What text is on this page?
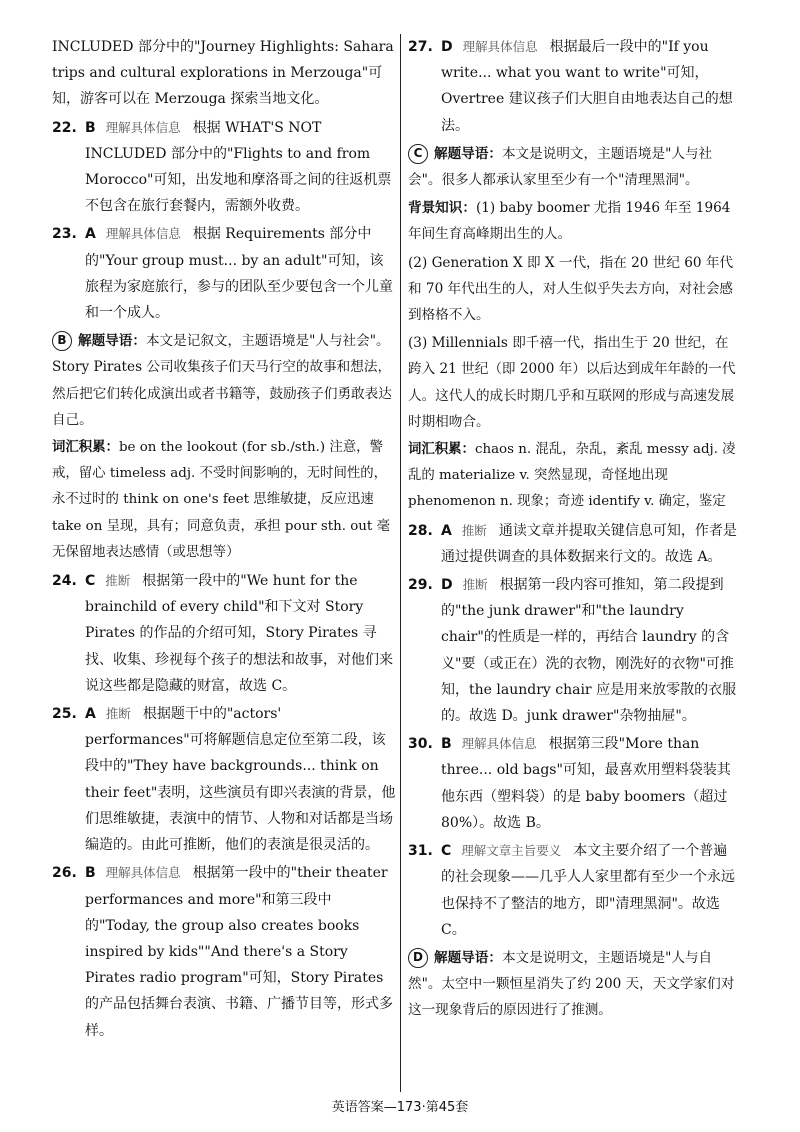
INCLUDED 部分中的"Journey Highlights: Sahara trips and cultural explorations in Merzouga"可知，游客可以在 Merzouga 探索当地文化。
22. B 理解具体信息 根据 WHAT'S NOT INCLUDED 部分中的"Flights to and from Morocco"可知，出发地和摩洛哥之间的往返机票不包含在旅行套餐内，需额外收费。
23. A 理解具体信息 根据 Requirements 部分中的"Your group must... by an adult"可知，该旅程为家庭旅行，参与的团队至少要包含一个儿童和一个成人。
B 解题导语：本文是记叙文，主题语境是"人与社会"。Story Pirates 公司收集孩子们天马行空的故事和想法，然后把它们转化成演出或者书籍等，鼓励孩子们勇敢表达自己。
词汇积累：be on the lookout (for sb./sth.) 注意，警戒，留心 timeless adj. 不受时间影响的，无时间性的，永不过时的 think on one's feet 思维敏捷，反应迅速 take on 呈现，具有；同意负责，承担 pour sth. out 毫无保留地表达感情（或思想等）
24. C 推断 根据第一段中的"We hunt for the brainchild of every child"和下文对 Story Pirates 的作品的介绍可知，Story Pirates 寻找、收集、珍视每个孩子的想法和故事，对他们来说这些都是隐藏的财富，故选 C。
25. A 推断 根据题干中的"actors' performances"可将解题信息定位至第二段，该段中的"They have backgrounds... think on their feet"表明，这些演员有即兴表演的背景，他们思维敏捷，表演中的情节、人物和对话都是当场编造的。由此可推断，他们的表演是很灵活的。
26. B 理解具体信息 根据第一段中的"their theater performances and more"和第三段中的"Today, the group also creates books inspired by kids""And there's a Story Pirates radio program"可知，Story Pirates 的产品包括舞台表演、书籍、广播节目等，形式多样。
27. D 理解具体信息 根据最后一段中的"If you write... what you want to write"可知，Overtree 建议孩子们大胆自由地表达自己的想法。
C 解题导语：本文是说明文，主题语境是"人与社会"。很多人都承认家里至少有一个"清理黑洞"。
背景知识：(1) baby boomer 尤指 1946 年至 1964 年间生育高峰期出生的人。
(2) Generation X 即 X 一代，指在 20 世纪 60 年代和 70 年代出生的人，对人生似乎失去方向，对社会感到格格不入。
(3) Millennials 即千禧一代，指出生于 20 世纪，在跨入 21 世纪（即 2000 年）以后达到成年年龄的一代人。这代人的成长时期几乎和互联网的形成与高速发展时期相吻合。
词汇积累：chaos n. 混乱，杂乱，紊乱 messy adj. 凌乱的 materialize v. 突然显现，奇怪地出现 phenomenon n. 现象；奇迹 identify v. 确定，鉴定
28. A 推断 通读文章并提取关键信息可知，作者是通过提供调查的具体数据来行文的。故选 A。
29. D 推断 根据第一段内容可推知，第二段提到的"the junk drawer"和"the laundry chair"的性质是一样的，再结合 laundry 的含义"要（或正在）洗的衣物，刚洗好的衣物"可推知，the laundry chair 应是用来放零散的衣服的。故选 D。junk drawer"杂物抽屉"。
30. B 理解具体信息 根据第三段"More than three... old bags"可知，最喜欢用塑料袋装其他东西（塑料袋）的是 baby boomers（超过 80%）。故选 B。
31. C 理解文章主旨要义 本文主要介绍了一个普遍的社会现象——几乎人人家里都有至少一个永远也保持不了整洁的地方，即"清理黑洞"。故选 C。
D 解题导语：本文是说明文，主题语境是"人与自然"。太空中一颗恒星消失了约 200 天，天文学家们对这一现象背后的原因进行了推测。
英语答案—173·第45套
